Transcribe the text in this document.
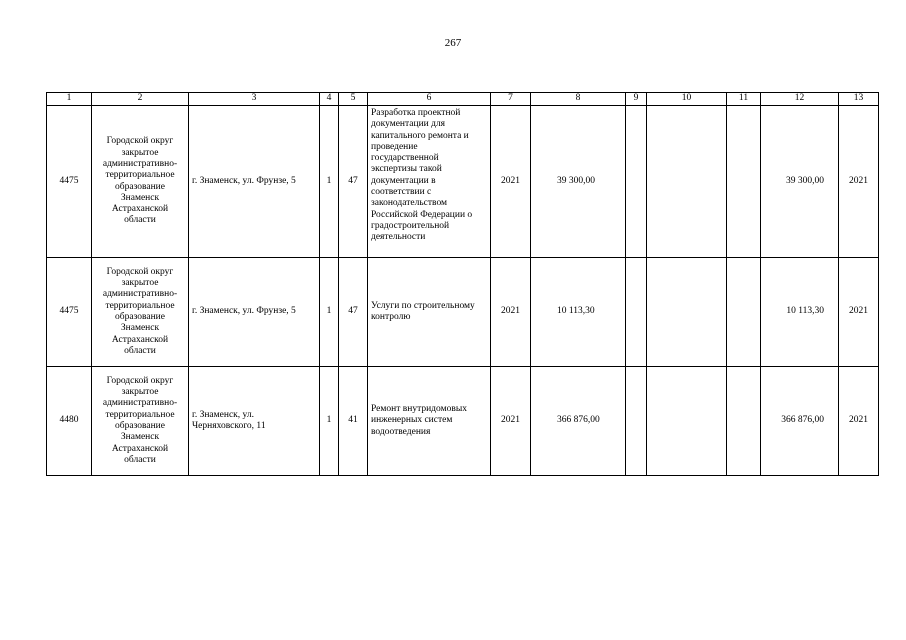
267
1	2	3	4	5	6	7	8	9	10	11	12	13
4475	Городской округ закрытое административно-территориальное образование Знаменск Астраханской области	г. Знаменск, ул. Фрунзе, 5	1	47	Разработка проектной документации для капитального ремонта и проведение государственной экспертизы такой документации в соответствии с законодательством Российской Федерации о градостроительной деятельности	2021	39 300,00				39 300,00	2021
4475	Городской округ закрытое административно-территориальное образование Знаменск Астраханской области	г. Знаменск, ул. Фрунзе, 5	1	47	Услуги по строительному контролю	2021	10 113,30				10 113,30	2021
4480	Городской округ закрытое административно-территориальное образование Знаменск Астраханской области	г. Знаменск, ул. Черняховского, 11	1	41	Ремонт внутридомовых инженерных систем водоотведения	2021	366 876,00				366 876,00	2021
